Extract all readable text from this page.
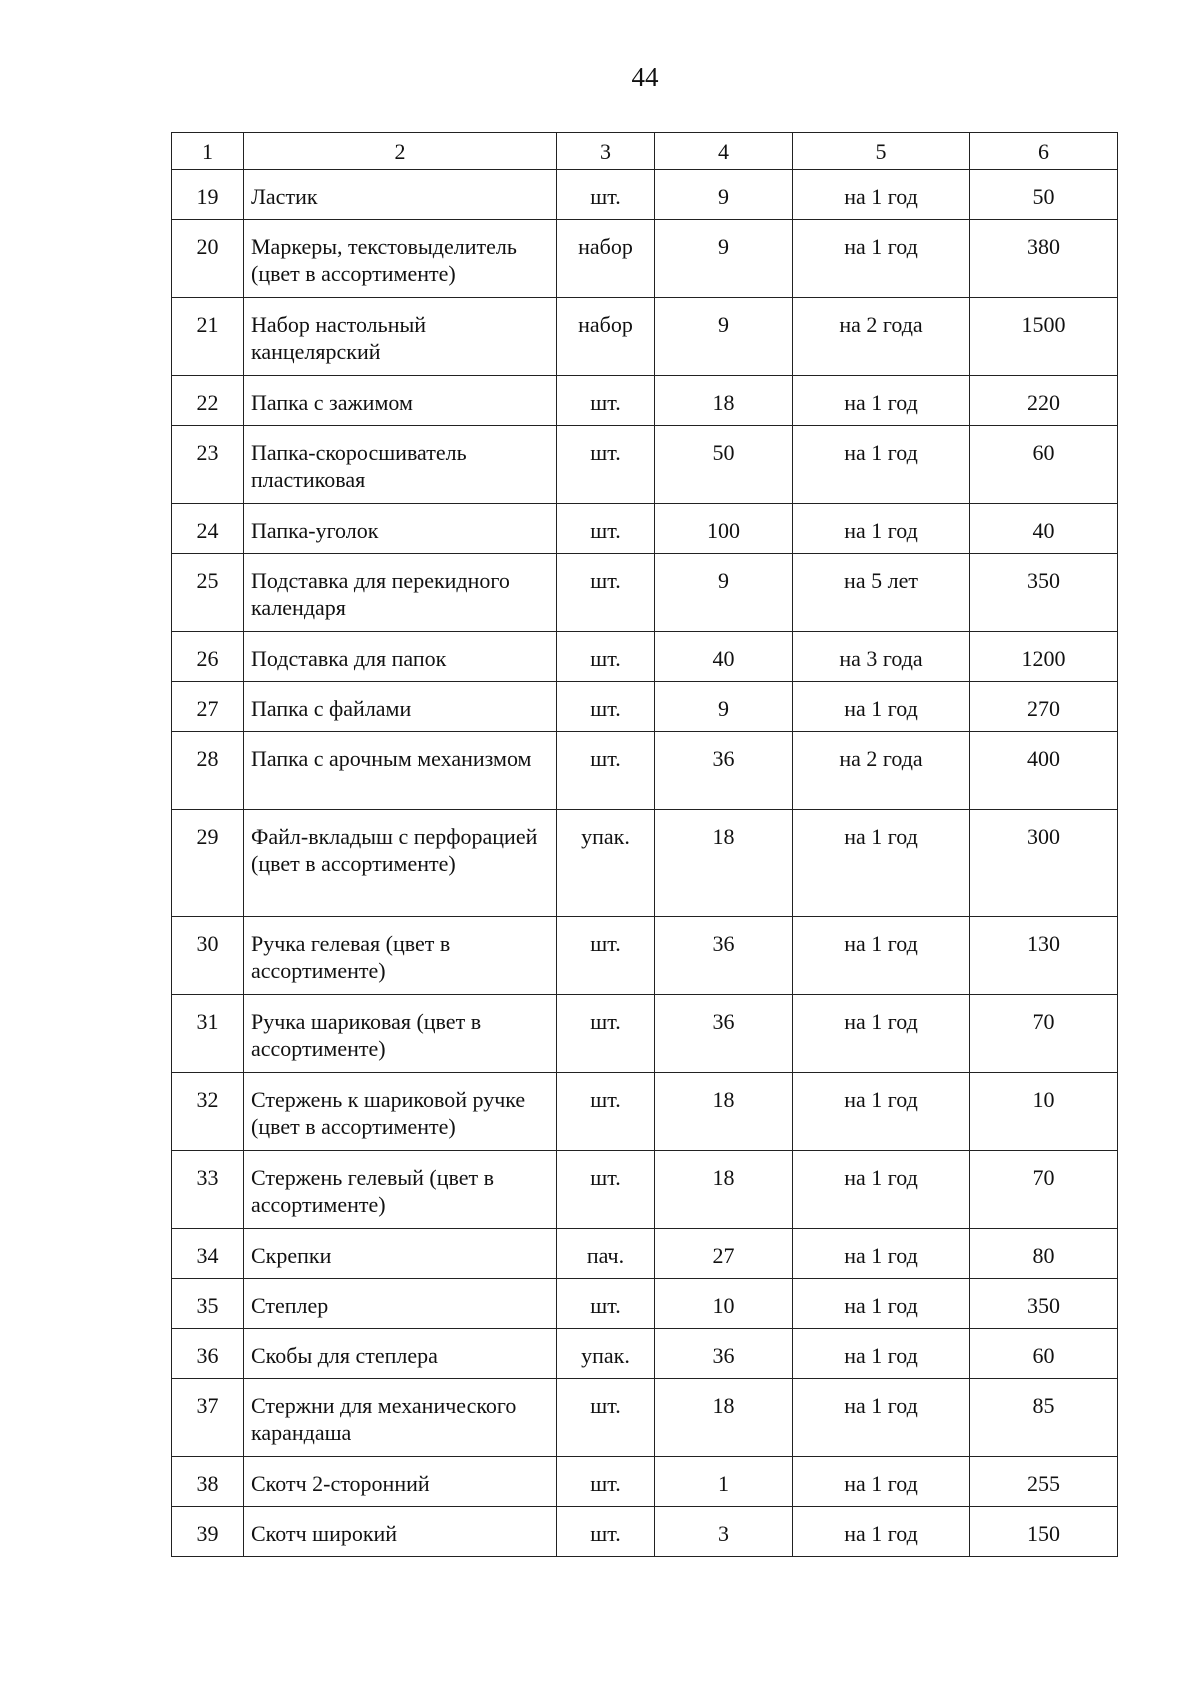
44
1	2	3	4	5	6
19	Ластик	шт.	9	на 1 год	50
20	Маркеры, текстовыделитель (цвет в ассортименте)	набор	9	на 1 год	380
21	Набор настольный канцелярский	набор	9	на 2 года	1500
22	Папка с зажимом	шт.	18	на 1 год	220
23	Папка-скоросшиватель пластиковая	шт.	50	на 1 год	60
24	Папка-уголок	шт.	100	на 1 год	40
25	Подставка для перекидного календаря	шт.	9	на 5 лет	350
26	Подставка для папок	шт.	40	на 3 года	1200
27	Папка с файлами	шт.	9	на 1 год	270
28	Папка с арочным механизмом	шт.	36	на 2 года	400
29	Файл-вкладыш с перфорацией (цвет в ассортименте)	упак.	18	на 1 год	300
30	Ручка гелевая (цвет в ассортименте)	шт.	36	на 1 год	130
31	Ручка шариковая (цвет в ассортименте)	шт.	36	на 1 год	70
32	Стержень к шариковой ручке (цвет в ассортименте)	шт.	18	на 1 год	10
33	Стержень гелевый (цвет в ассортименте)	шт.	18	на 1 год	70
34	Скрепки	пач.	27	на 1 год	80
35	Степлер	шт.	10	на 1 год	350
36	Скобы для степлера	упак.	36	на 1 год	60
37	Стержни для механического карандаша	шт.	18	на 1 год	85
38	Скотч 2-сторонний	шт.	1	на 1 год	255
39	Скотч широкий	шт.	3	на 1 год	150
